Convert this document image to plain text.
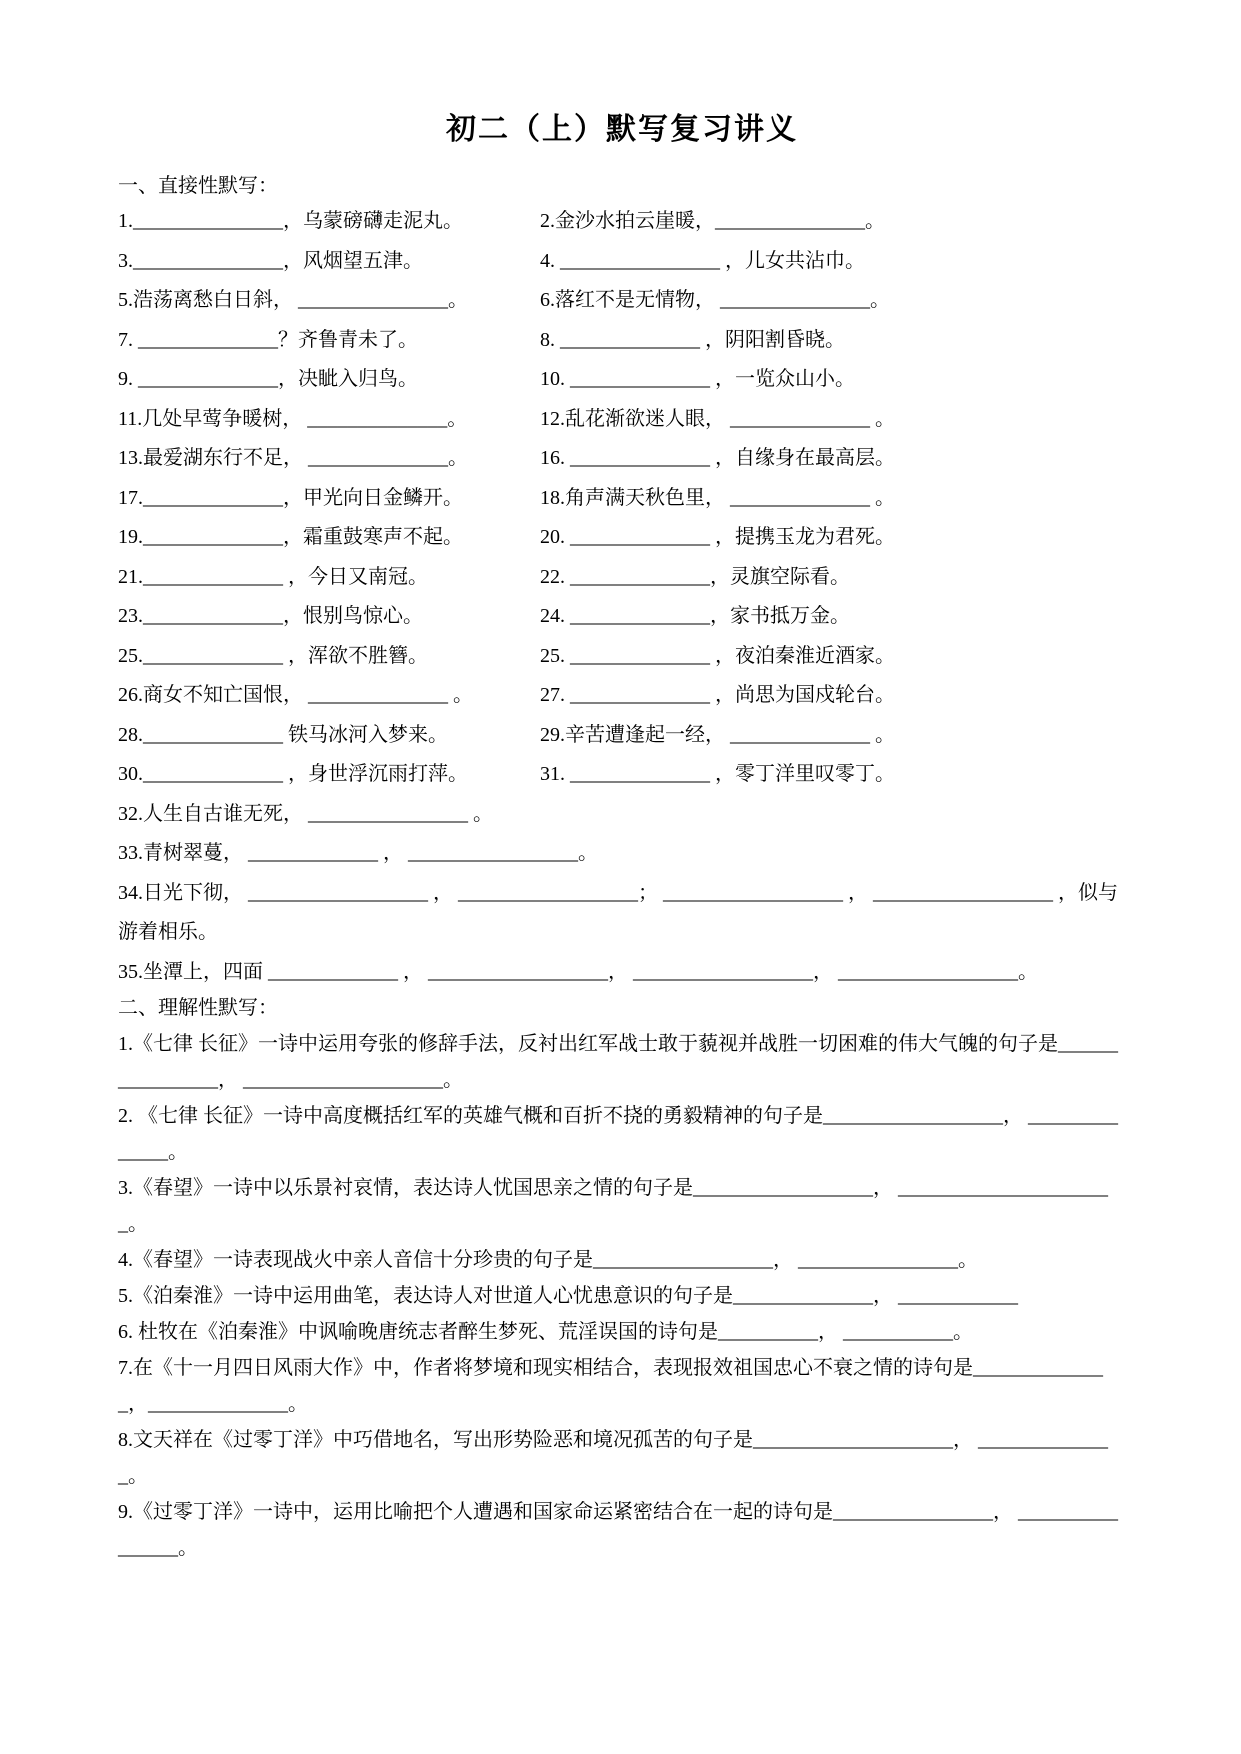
初二（上）默写复习讲义
一、直接性默写：
1._______________，乌蒙磅礴走泥丸。	2.金沙水拍云崖暖，_______________。
3._______________，风烟望五津。	4. ________________ ，儿女共沾巾。
5.浩荡离愁白日斜， _______________。	6.落红不是无情物， _______________。
7. ______________？齐鲁青未了。	8. ______________ ，阴阳割昏晓。
9. ______________，决眦入归鸟。	10. ______________ ，一览众山小。
11.几处早莺争暖树， ______________。	12.乱花渐欲迷人眼， ______________ 。
13.最爱湖东行不足， ______________。	16. ______________ ，自缘身在最高层。
17.______________，甲光向日金鳞开。	18.角声满天秋色里， ______________ 。
19.______________，霜重鼓寒声不起。	20. ______________ ，提携玉龙为君死。
21.______________ ，今日又南冠。	22. ______________，灵旗空际看。
23.______________，恨别鸟惊心。	24. ______________，家书抵万金。
25.______________ ，浑欲不胜簪。	25. ______________ ，夜泊秦淮近酒家。
26.商女不知亡国恨， ______________ 。	27. ______________ ，尚思为国戍轮台。
28.______________ 铁马冰河入梦来。	29.辛苦遭逢起一经， ______________ 。
30.______________ ，身世浮沉雨打萍。	31. ______________ ，零丁洋里叹零丁。
32.人生自古谁无死， ________________ 。
33.青树翠蔓， _____________ ， _________________。
34.日光下彻， __________________ ， __________________； __________________ ， __________________ ，似与游着相乐。
35.坐潭上，四面 _____________ ， __________________， __________________， __________________。
二、理解性默写：
1.《七律 长征》一诗中运用夸张的修辞手法，反衬出红军战士敢于藐视并战胜一切困难的伟大气魄的句子是________________， ____________________。
2. 《七律 长征》一诗中高度概括红军的英雄气概和百折不挠的勇毅精神的句子是__________________， ______________。
3.《春望》一诗中以乐景衬哀情，表达诗人忧国思亲之情的句子是__________________， ______________________。
4.《春望》一诗表现战火中亲人音信十分珍贵的句子是__________________， ________________。
5.《泊秦淮》一诗中运用曲笔，表达诗人对世道人心忧患意识的句子是______________， ____________
6. 杜牧在《泊秦淮》中讽喻晚唐统志者醉生梦死、荒淫误国的诗句是__________， ___________。
7.在《十一月四日风雨大作》中，作者将梦境和现实相结合，表现报效祖国忠心不衰之情的诗句是______________，______________。
8.文天祥在《过零丁洋》中巧借地名，写出形势险恶和境况孤苦的句子是____________________， ______________。
9.《过零丁洋》一诗中，运用比喻把个人遭遇和国家命运紧密结合在一起的诗句是________________， ________________。
